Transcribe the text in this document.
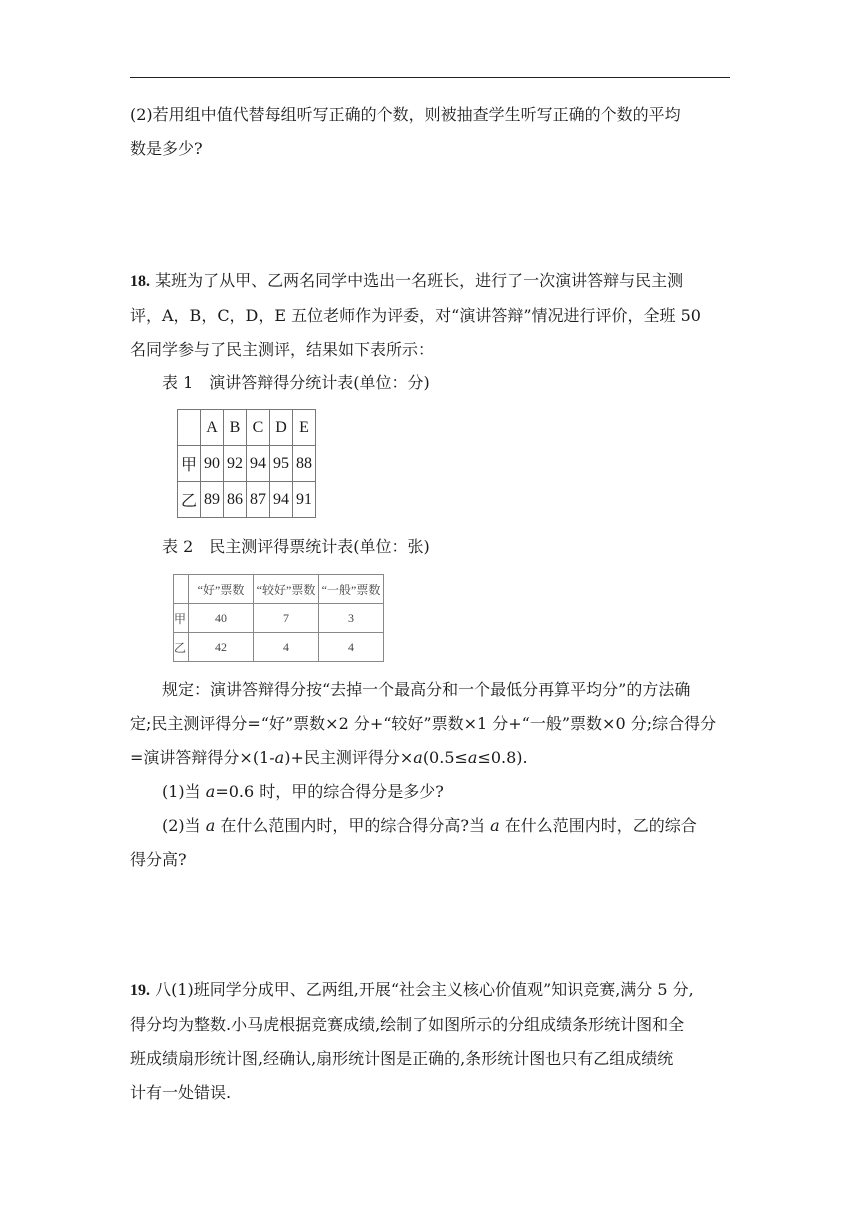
(2)若用组中值代替每组听写正确的个数，则被抽查学生听写正确的个数的平均
数是多少?
18. 某班为了从甲、乙两名同学中选出一名班长，进行了一次演讲答辩与民主测
评，A，B，C，D，E 五位老师作为评委，对“演讲答辩”情况进行评价，全班 50
名同学参与了民主测评，结果如下表所示：
表 1　演讲答辩得分统计表(单位：分)
	A	B	C	D	E
甲	90	92	94	95	88
乙	89	86	87	94	91
表 2　民主测评得票统计表(单位：张)
	“好”票数	“较好”票数	“一般”票数
甲	40	7	3
乙	42	4	4
规定：演讲答辩得分按“去掉一个最高分和一个最低分再算平均分”的方法确
定;民主测评得分=“好”票数×2 分+“较好”票数×1 分+“一般”票数×0 分;综合得分
=演讲答辩得分×(1-a)+民主测评得分×a(0.5≤a≤0.8).
(1)当 a=0.6 时，甲的综合得分是多少?
(2)当 a 在什么范围内时，甲的综合得分高?当 a 在什么范围内时，乙的综合
得分高?
19. 八(1)班同学分成甲、乙两组,开展“社会主义核心价值观”知识竞赛,满分 5 分,
得分均为整数.小马虎根据竞赛成绩,绘制了如图所示的分组成绩条形统计图和全
班成绩扇形统计图,经确认,扇形统计图是正确的,条形统计图也只有乙组成绩统
计有一处错误.
